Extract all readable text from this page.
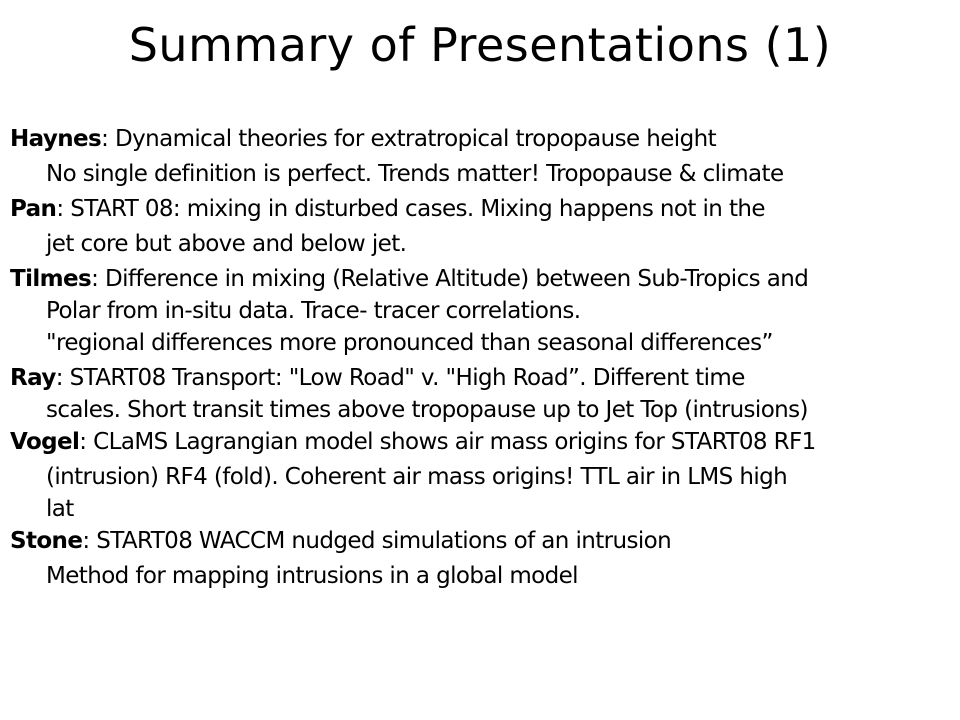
Summary of Presentations (1)
Haynes: Dynamical theories for extratropical tropopause height
No single definition is perfect. Trends matter! Tropopause & climate
Pan: START 08: mixing in disturbed cases. Mixing happens not in the
jet core but above and below jet.
Tilmes: Difference in mixing (Relative Altitude) between Sub-Tropics and
Polar from in-situ data. Trace- tracer correlations.
"regional differences more pronounced than seasonal differences”
Ray: START08 Transport: "Low Road" v. "High Road”. Different time
scales. Short transit times above tropopause up to Jet Top (intrusions)
Vogel: CLaMS Lagrangian model shows air mass origins for START08 RF1
(intrusion) RF4 (fold). Coherent air mass origins! TTL air in LMS high
lat
Stone: START08 WACCM nudged simulations of an intrusion
Method for mapping intrusions in a global model
